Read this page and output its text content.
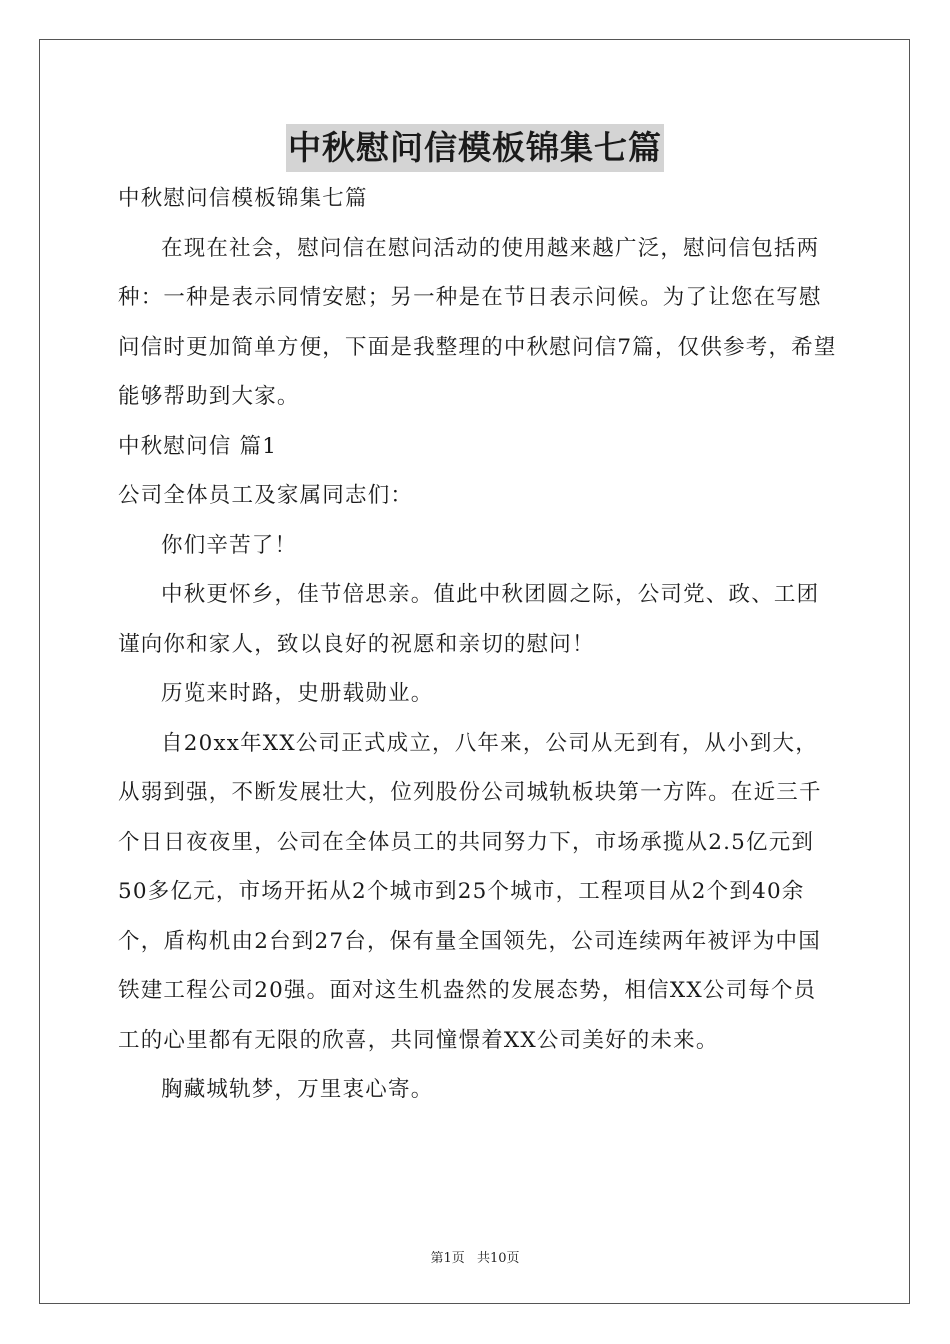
中秋慰问信模板锦集七篇

中秋慰问信模板锦集七篇

在现在社会，慰问信在慰问活动的使用越来越广泛，慰问信包括两种：一种是表示同情安慰；另一种是在节日表示问候。为了让您在写慰问信时更加简单方便，下面是我整理的中秋慰问信7篇，仅供参考，希望能够帮助到大家。

中秋慰问信 篇1

公司全体员工及家属同志们：

你们辛苦了！

中秋更怀乡，佳节倍思亲。值此中秋团圆之际，公司党、政、工团谨向你和家人，致以良好的祝愿和亲切的慰问！

历览来时路，史册载勋业。

自20xx年XX公司正式成立，八年来，公司从无到有，从小到大，从弱到强，不断发展壮大，位列股份公司城轨板块第一方阵。在近三千个日日夜夜里，公司在全体员工的共同努力下，市场承揽从2.5亿元到50多亿元，市场开拓从2个城市到25个城市，工程项目从2个到40余个，盾构机由2台到27台，保有量全国领先，公司连续两年被评为中国铁建工程公司20强。面对这生机盎然的发展态势，相信XX公司每个员工的心里都有无限的欣喜，共同憧憬着XX公司美好的未来。

胸藏城轨梦，万里衷心寄。

第1页 共10页
